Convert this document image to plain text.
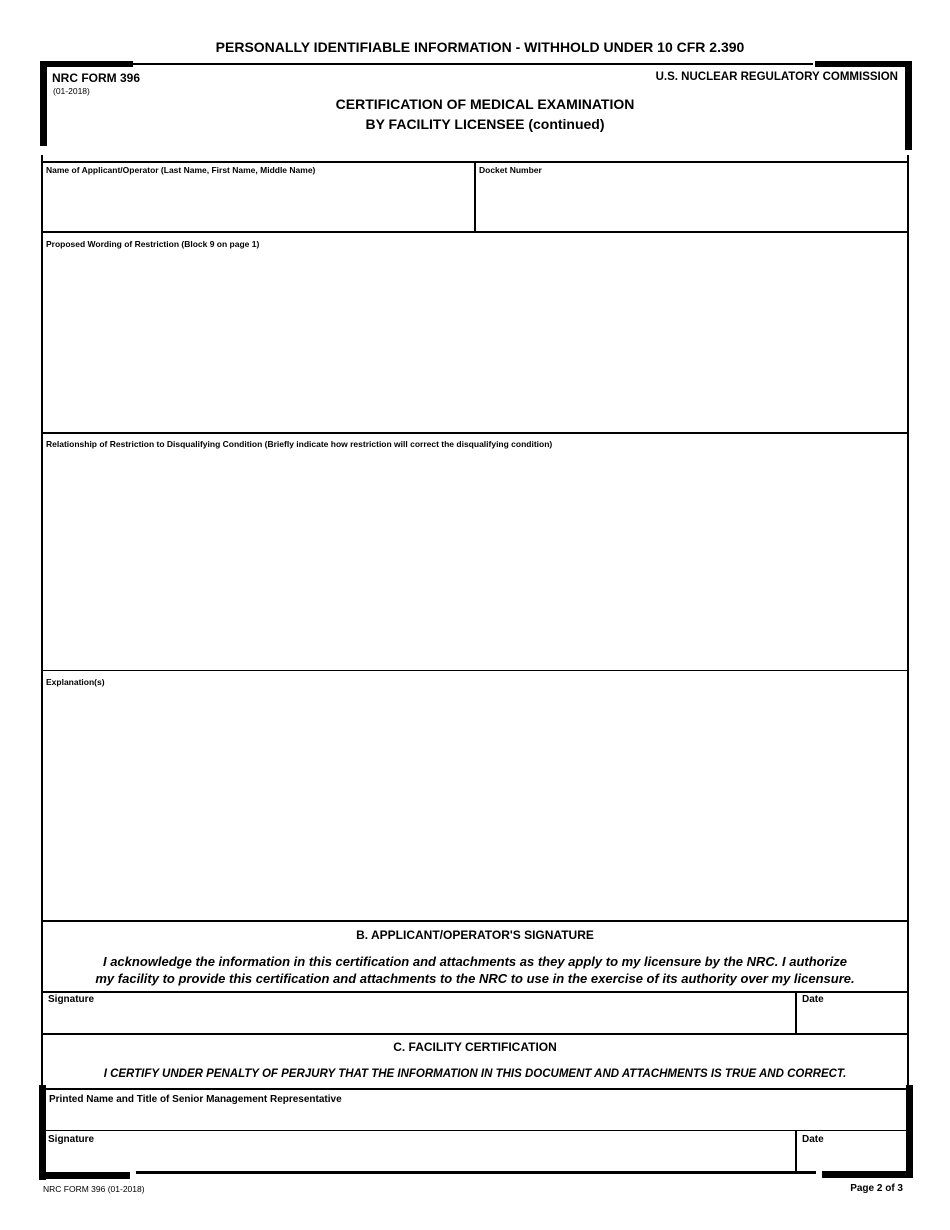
PERSONALLY IDENTIFIABLE INFORMATION - WITHHOLD UNDER 10 CFR 2.390
NRC FORM 396
(01-2018)
U.S. NUCLEAR REGULATORY COMMISSION
CERTIFICATION OF MEDICAL EXAMINATION
BY FACILITY LICENSEE (continued)
Name of Applicant/Operator (Last Name, First Name, Middle Name)	Docket Number
Proposed Wording of Restriction (Block 9 on page 1)
Relationship of Restriction to Disqualifying Condition (Briefly indicate how restriction will correct the disqualifying condition)
Explanation(s)
B. APPLICANT/OPERATOR'S SIGNATURE
I acknowledge the information in this certification and attachments as they apply to my licensure by the NRC. I authorize
my facility to provide this certification and attachments to the NRC to use in the exercise of its authority over my licensure.
Signature	Date
C. FACILITY CERTIFICATION
I CERTIFY UNDER PENALTY OF PERJURY THAT THE INFORMATION IN THIS DOCUMENT AND ATTACHMENTS IS TRUE AND CORRECT.
Printed Name and Title of Senior Management Representative
Signature	Date
NRC FORM 396 (01-2018)	Page 2 of 3
